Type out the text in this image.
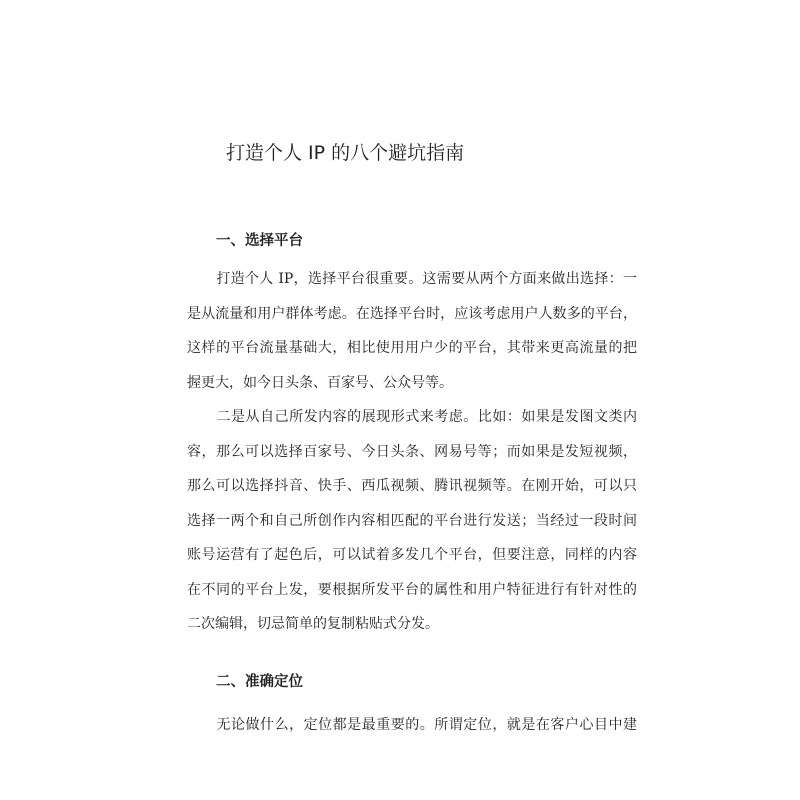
打造个人 IP 的八个避坑指南
一、选择平台
打造个人 IP，选择平台很重要。这需要从两个方面来做出选择：一
是从流量和用户群体考虑。在选择平台时，应该考虑用户人数多的平台，
这样的平台流量基础大，相比使用用户少的平台，其带来更高流量的把
握更大，如今日头条、百家号、公众号等。
二是从自己所发内容的展现形式来考虑。比如：如果是发图文类内
容，那么可以选择百家号、今日头条、网易号等；而如果是发短视频，
那么可以选择抖音、快手、西瓜视频、腾讯视频等。在刚开始，可以只
选择一两个和自己所创作内容相匹配的平台进行发送；当经过一段时间
账号运营有了起色后，可以试着多发几个平台，但要注意，同样的内容
在不同的平台上发，要根据所发平台的属性和用户特征进行有针对性的
二次编辑，切忌简单的复制粘贴式分发。
二、准确定位
无论做什么，定位都是最重要的。所谓定位，就是在客户心目中建
